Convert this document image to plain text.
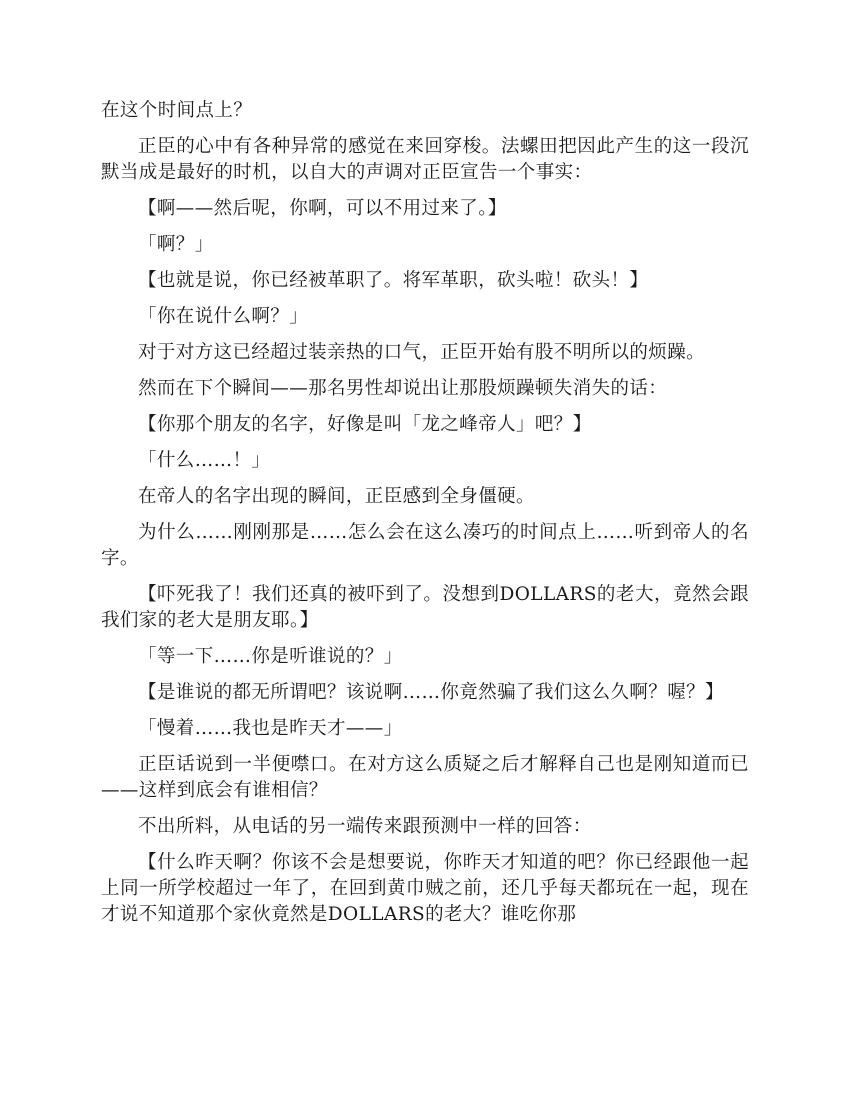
在这个时间点上？

正臣的心中有各种异常的感觉在来回穿梭。法螺田把因此产生的这一段沉默当成是最好的时机，以自大的声调对正臣宣告一个事实：

【啊——然后呢，你啊，可以不用过来了。】

「啊？」

【也就是说，你已经被革职了。将军革职，砍头啦！砍头！】

「你在说什么啊？」

对于对方这已经超过装亲热的口气，正臣开始有股不明所以的烦躁。

然而在下个瞬间——那名男性却说出让那股烦躁顿失消失的话：

【你那个朋友的名字，好像是叫「龙之峰帝人」吧？】

「什么……！」

在帝人的名字出现的瞬间，正臣感到全身僵硬。

为什么……刚刚那是……怎么会在这么凑巧的时间点上……听到帝人的名字。

【吓死我了！我们还真的被吓到了。没想到DOLLARS的老大，竟然会跟我们家的老大是朋友耶。】

「等一下……你是听谁说的？」

【是谁说的都无所谓吧？该说啊……你竟然骗了我们这么久啊？喔？】

「慢着……我也是昨天才——」

正臣话说到一半便噤口。在对方这么质疑之后才解释自己也是刚知道而已——这样到底会有谁相信？

不出所料，从电话的另一端传来跟预测中一样的回答：

【什么昨天啊？你该不会是想要说，你昨天才知道的吧？你已经跟他一起上同一所学校超过一年了，在回到黄巾贼之前，还几乎每天都玩在一起，现在才说不知道那个家伙竟然是DOLLARS的老大？谁吃你那
